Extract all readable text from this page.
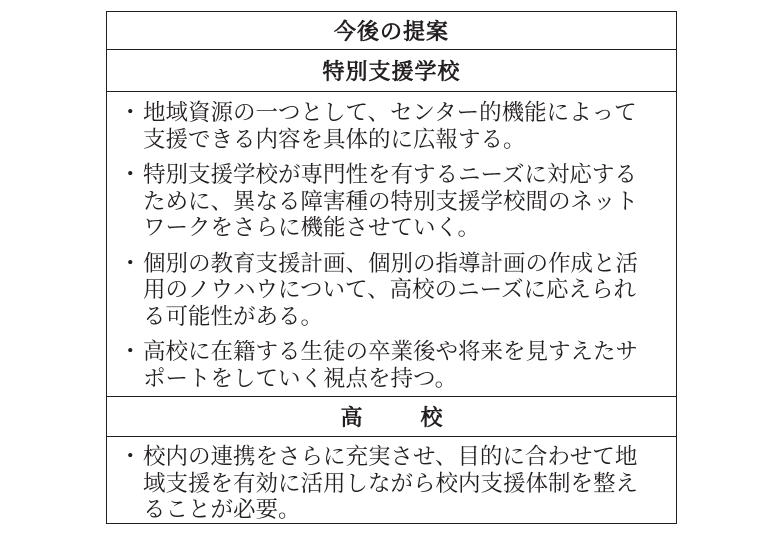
今後の提案
特別支援学校
・ 地域資源の一つとして、センター的機能によって
支援できる内容を具体的に広報する。
・ 特別支援学校が専門性を有するニーズに対応する
ために、異なる障害種の特別支援学校間のネット
ワークをさらに機能させていく。
・ 個別の教育支援計画、個別の指導計画の作成と活
用のノウハウについて、高校のニーズに応えられ
る可能性がある。
・ 高校に在籍する生徒の卒業後や将来を見すえたサ
ポートをしていく視点を持つ。
高	校
・ 校内の連携をさらに充実させ、目的に合わせて地
域支援を有効に活用しながら校内支援体制を整え
ることが必要。
